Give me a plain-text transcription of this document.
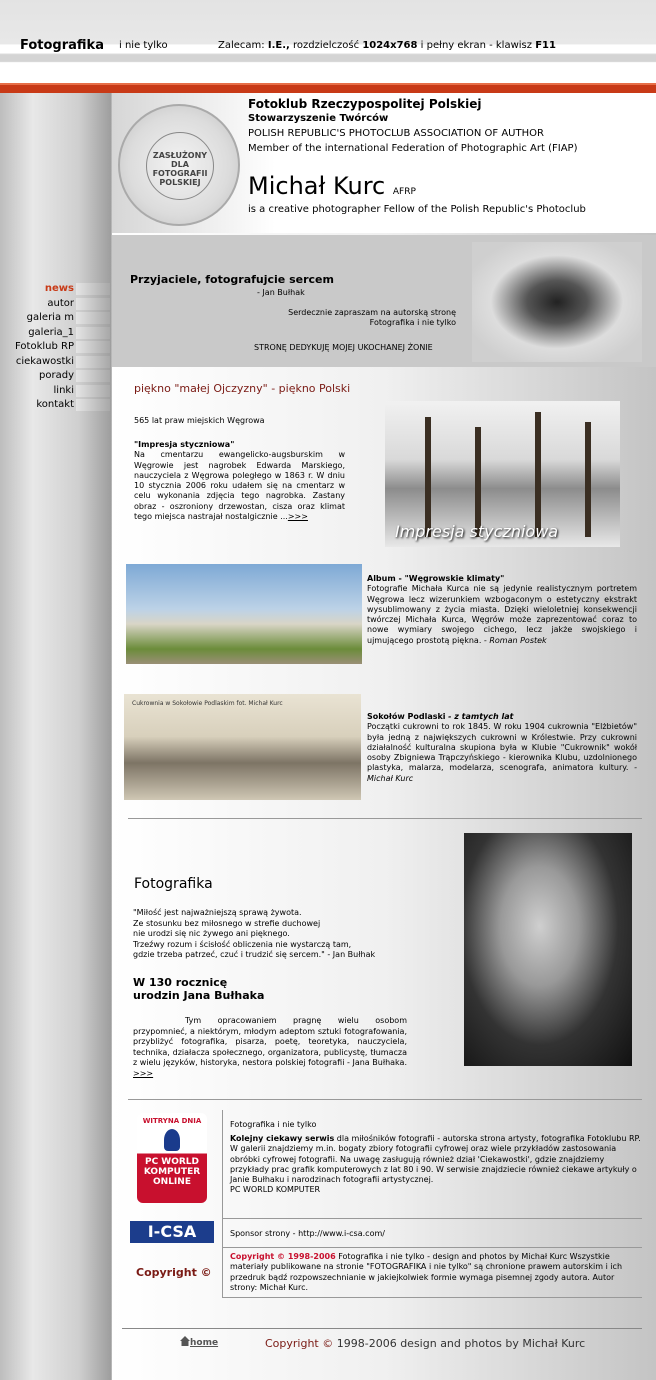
Fotografika i nie tylko	Zalecam: I.E., rozdzielczość 1024x768 i pełny ekran - klawisz F11
ZASŁUŻONY DLA FOTOGRAFII POLSKIEJ
Fotoklub Rzeczypospolitej Polskiej
Stowarzyszenie Twórców
POLISH REPUBLIC'S PHOTOCLUB ASSOCIATION OF AUTHOR
Member of the international Federation of Photographic Art (FIAP)
Michał Kurc AFRP
is a creative photographer Fellow of the Polish Republic's Photoclub
Przyjaciele, fotografujcie sercem
- Jan Bułhak
Serdecznie zapraszam na autorską stronę Fotografika i nie tylko
STRONĘ DEDYKUJĘ MOJEJ UKOCHANEJ ŻONIE
news
autor
galeria m
galeria_1
Fotoklub RP
ciekawostki
porady
linki
kontakt
piękno "małej Ojczyzny" - piękno Polski
565 lat praw miejskich Węgrowa
"Impresja styczniowa"
Na cmentarzu ewangelicko-augsburskim w Węgrowie jest nagrobek Edwarda Marskiego, nauczyciela z Węgrowa poległego w 1863 r. W dniu 10 stycznia 2006 roku udałem się na cmentarz w celu wykonania zdjęcia tego nagrobka. Zastany obraz - oszroniony drzewostan, cisza oraz klimat tego miejsca nastrajał nostalgicznie ...>>>
Impresja styczniowa
Album - "Węgrowskie klimaty"
Fotografie Michała Kurca nie są jedynie realistycznym portretem Węgrowa lecz wizerunkiem wzbogaconym o estetyczny ekstrakt wysublimowany z życia miasta. Dzięki wieloletniej konsekwencji twórczej Michała Kurca, Węgrów może zaprezentować coraz to nowe wymiary swojego cichego, lecz jakże swojskiego i ujmującego prostotą piękna. - Roman Postek
Cukrownia w Sokołowie Podlaskim fot. Michał Kurc
Sokołów Podlaski - z tamtych lat
Początki cukrowni to rok 1845. W roku 1904 cukrownia "Elżbietów" była jedną z największych cukrowni w Królestwie. Przy cukrowni działalność kulturalna skupiona była w Klubie "Cukrownik" wokół osoby Zbigniewa Trąpczyńskiego - kierownika Klubu, uzdolnionego plastyka, malarza, modelarza, scenografa, animatora kultury. - Michał Kurc
Fotografika
"Miłość jest najważniejszą sprawą żywota.
Ze stosunku bez miłosnego w strefie duchowej
nie urodzi się nic żywego ani pięknego.
Trzeźwy rozum i ścisłość obliczenia nie wystarczą tam,
gdzie trzeba patrzeć, czuć i trudzić się sercem." - Jan Bułhak
W 130 rocznicę
urodzin Jana Bułhaka
Tym opracowaniem pragnę wielu osobom przypomnieć, a niektórym, młodym adeptom sztuki fotografowania, przybliżyć fotografika, pisarza, poetę, teoretyka, nauczyciela, technika, działacza społecznego, organizatora, publicystę, tłumacza z wielu języków, historyka, nestora polskiej fotografii - Jana Bułhaka. >>>
WITRYNA DNIA
PC WORLD KOMPUTER ONLINE
Fotografika i nie tylko
Kolejny ciekawy serwis dla miłośników fotografii - autorska strona artysty, fotografika Fotoklubu RP.
W galerii znajdziemy m.in. bogaty zbiory fotografii cyfrowej oraz wiele przykładów zastosowania obróbki cyfrowej fotografii. Na uwagę zasługują również dział 'Ciekawostki', gdzie znajdziemy przykłady prac grafik komputerowych z lat 80 i 90. W serwisie znajdziecie również ciekawe artykuły o Janie Bułhaku i narodzinach fotografii artystycznej.
PC WORLD KOMPUTER
I-CSA	Sponsor strony - http://www.i-csa.com/
Copyright ©
Copyright © 1998-2006 Fotografika i nie tylko - design and photos by Michał Kurc Wszystkie materiały publikowane na stronie "FOTOGRAFIKA i nie tylko" są chronione prawem autorskim i ich przedruk bądź rozpowszechnianie w jakiejkolwiek formie wymaga pisemnej zgody autora. Autor strony: Michał Kurc.
home	Copyright © 1998-2006 design and photos by Michał Kurc
